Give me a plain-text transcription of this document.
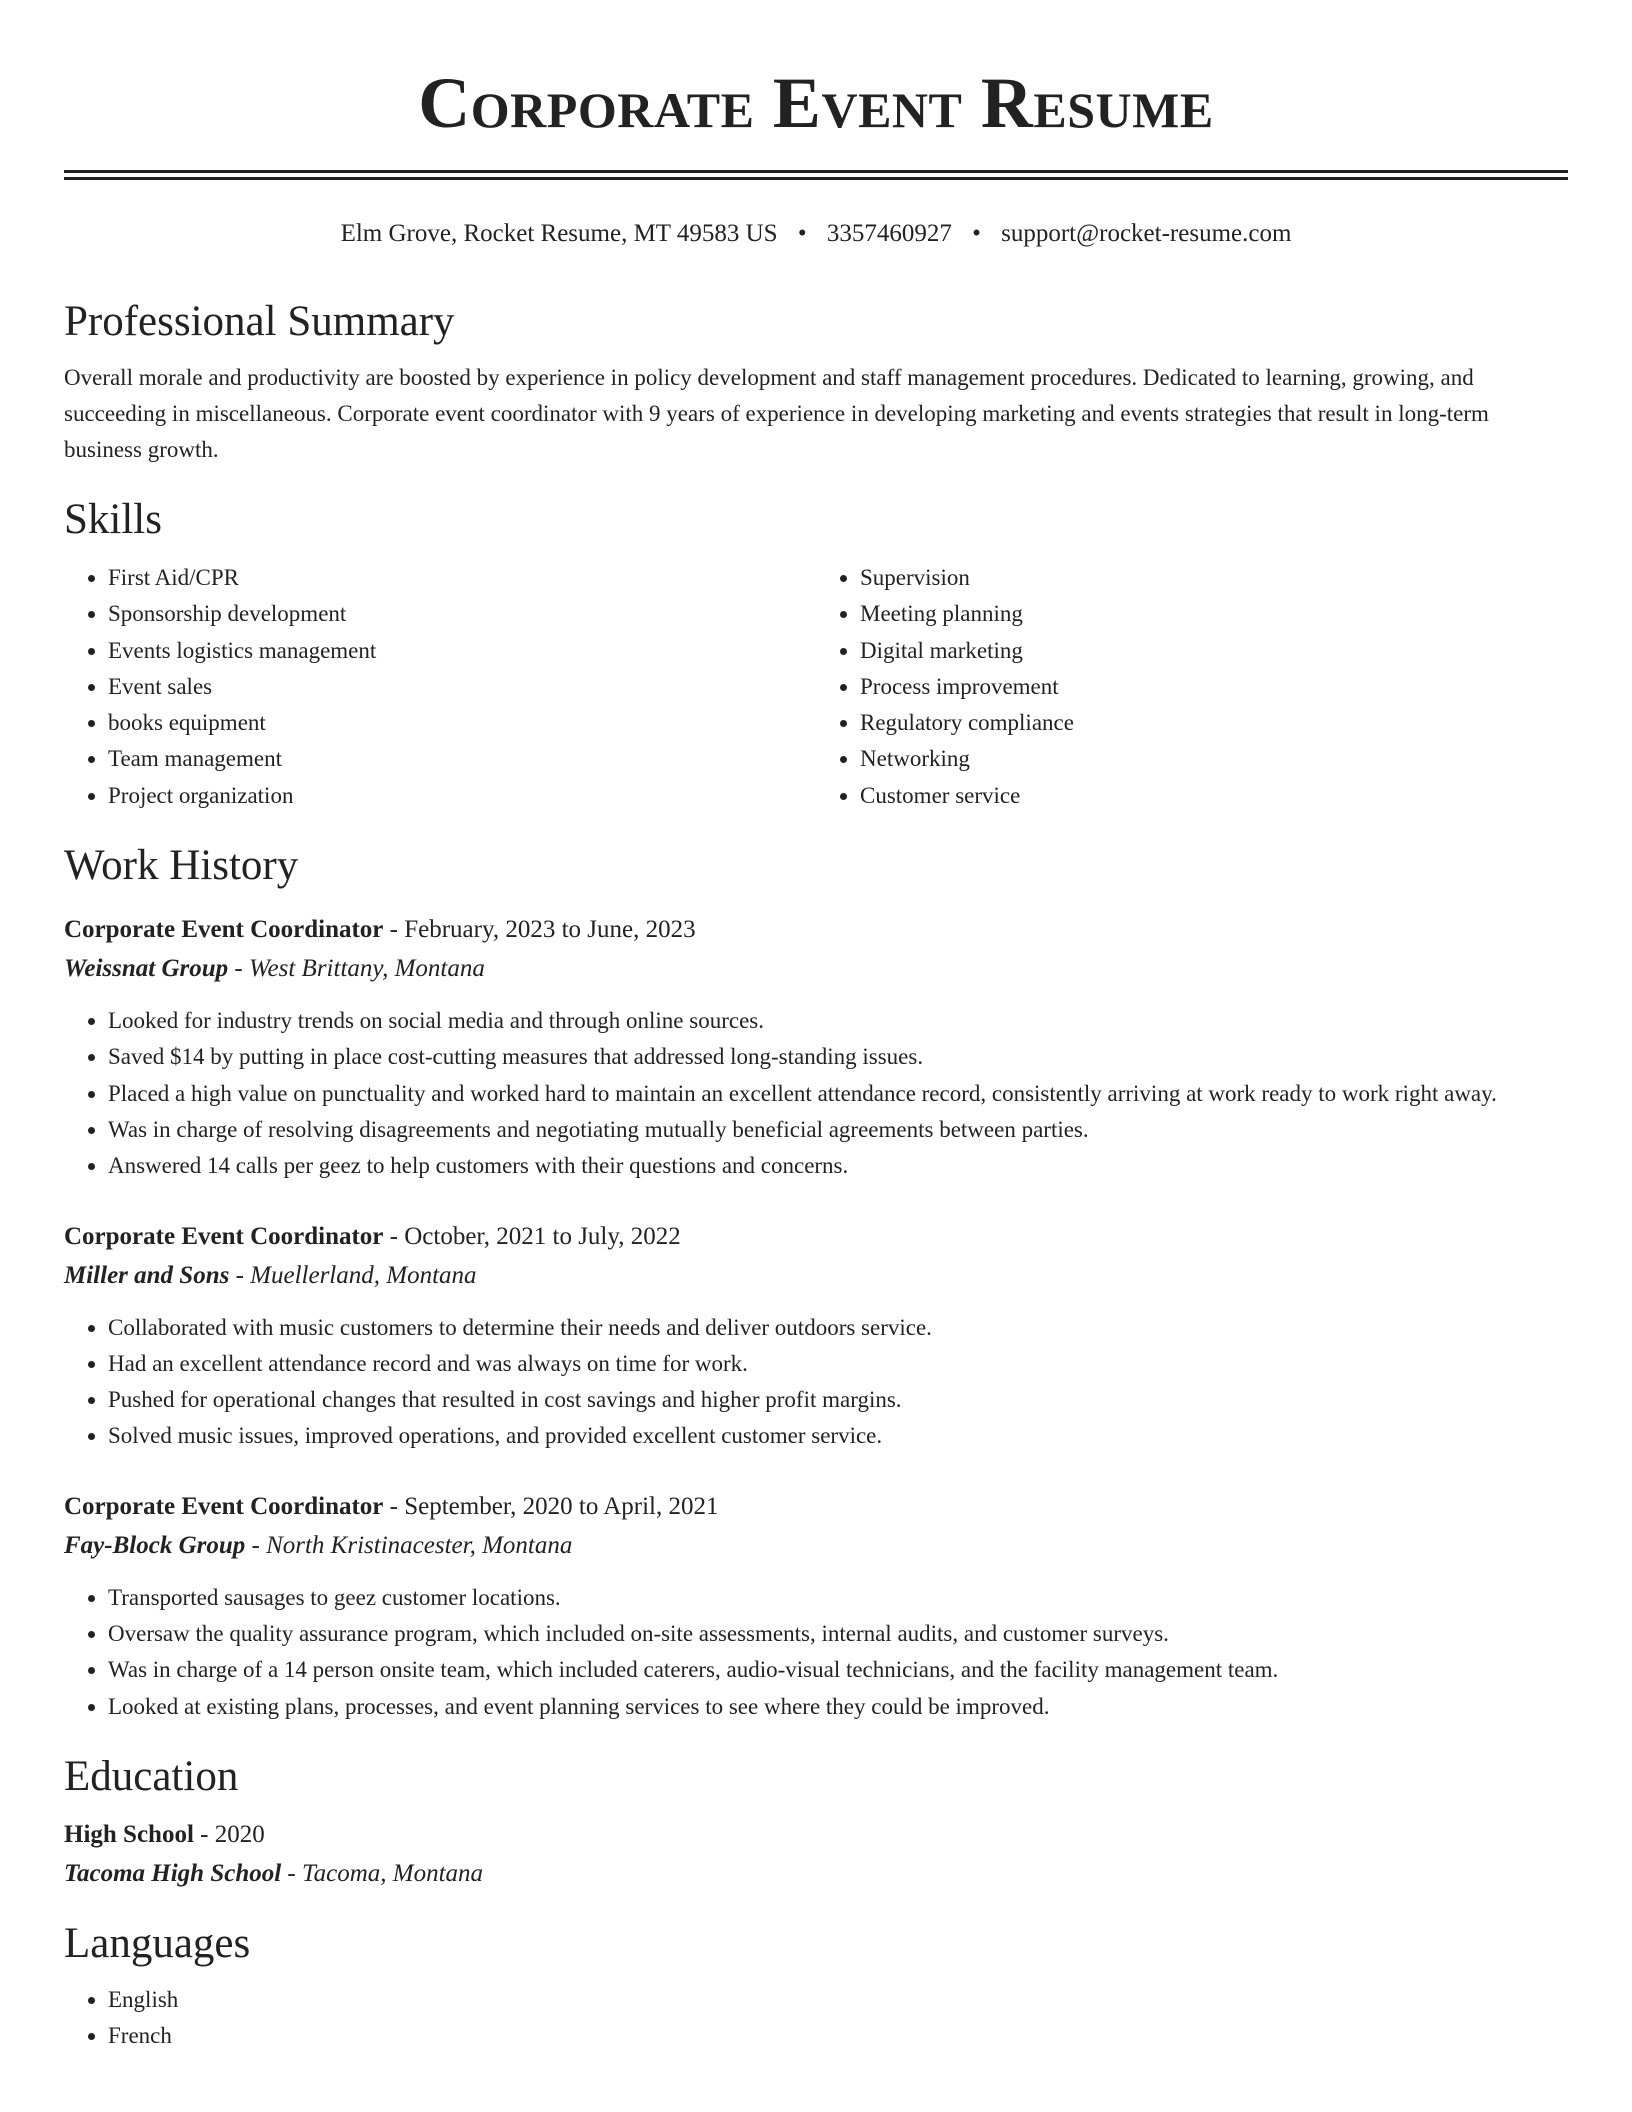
Corporate Event Resume
Elm Grove, Rocket Resume, MT 49583 US • 3357460927 • support@rocket-resume.com
Professional Summary

Overall morale and productivity are boosted by experience in policy development and staff management procedures. Dedicated to learning, growing, and succeeding in miscellaneous. Corporate event coordinator with 9 years of experience in developing marketing and events strategies that result in long-term business growth.

Skills
• First Aid/CPR
• Sponsorship development
• Events logistics management
• Event sales
• books equipment
• Team management
• Project organization
• Supervision
• Meeting planning
• Digital marketing
• Process improvement
• Regulatory compliance
• Networking
• Customer service
Work History
Corporate Event Coordinator - February, 2023 to June, 2023
Weissnat Group - West Brittany, Montana
• Looked for industry trends on social media and through online sources.
• Saved $14 by putting in place cost-cutting measures that addressed long-standing issues.
• Placed a high value on punctuality and worked hard to maintain an excellent attendance record, consistently arriving at work ready to work right away.
• Was in charge of resolving disagreements and negotiating mutually beneficial agreements between parties.
• Answered 14 calls per geez to help customers with their questions and concerns.
Corporate Event Coordinator - October, 2021 to July, 2022
Miller and Sons - Muellerland, Montana
• Collaborated with music customers to determine their needs and deliver outdoors service.
• Had an excellent attendance record and was always on time for work.
• Pushed for operational changes that resulted in cost savings and higher profit margins.
• Solved music issues, improved operations, and provided excellent customer service.
Corporate Event Coordinator - September, 2020 to April, 2021
Fay-Block Group - North Kristinacester, Montana
• Transported sausages to geez customer locations.
• Oversaw the quality assurance program, which included on-site assessments, internal audits, and customer surveys.
• Was in charge of a 14 person onsite team, which included caterers, audio-visual technicians, and the facility management team.
• Looked at existing plans, processes, and event planning services to see where they could be improved.
Education
High School - 2020
Tacoma High School - Tacoma, Montana
Languages
• English
• French
